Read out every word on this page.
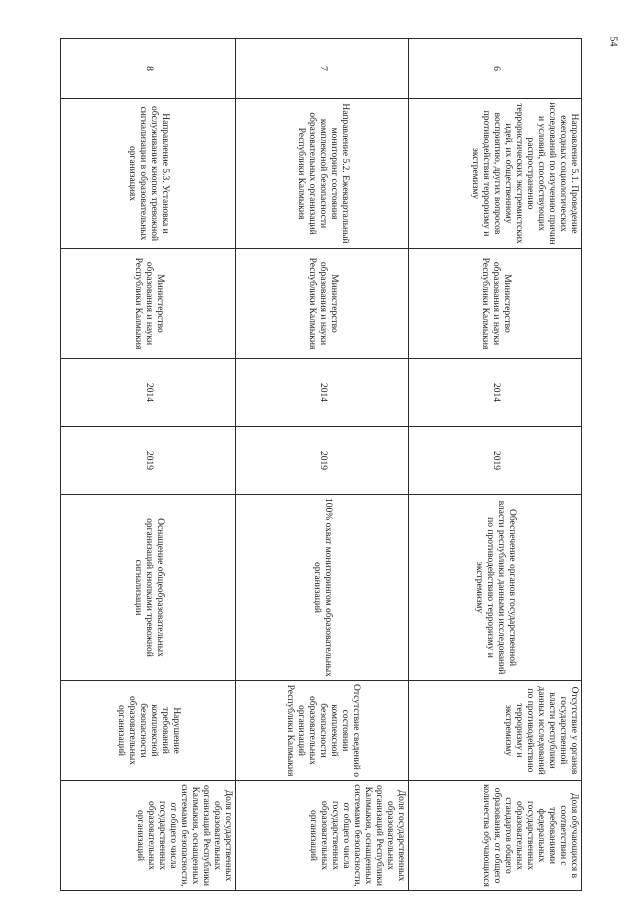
54
6	Направление 5.1. Проведение ежегодных социологических исследований по изучению причин и условий, способствующих распространению террористических экстремистских идей, их общественному восприятию, других вопросов противодействия терроризму и экстремизму	Министерство образования и науки Республики Калмыкия	2014	2019	Обеспечение органов государственной власти республики данными исследований по противодействию терроризму и экстремизму	Отсутствие у органов государственной власти республики данных исследований по противодействию терроризму и экстремизму	Доля обучающихся в соответствии с требованиями федеральных государственных образовательных стандартов общего образования, от общего количества обучающихся
7	Направление 5.2. Ежеквартальный мониторинг состояния комплексной безопасности образовательных организаций Республики Калмыкия	Министерство образования и науки Республики Калмыкия	2014	2019	100% охват мониторингом образовательных организаций	Отсутствие сведений о состоянии комплексной безопасности образовательных организаций Республики Калмыкия	Доля государственных образовательных организаций Республики Калмыкия, оснащенных системами безопасности, от общего числа государственных образовательных организаций
8	Направление 5.3. Установка и обслуживание кнопок тревожной сигнализации в образовательных организациях	Министерство образования и науки Республики Калмыкия	2014	2019	Оснащение общеобразовательных организаций кнопками тревожной сигнализации	Нарушение требований комплексной безопасности образовательных организаций	Доля государственных образовательных организаций Республики Калмыкия, оснащенных системами безопасности, от общего числа государственных образовательных организаций
